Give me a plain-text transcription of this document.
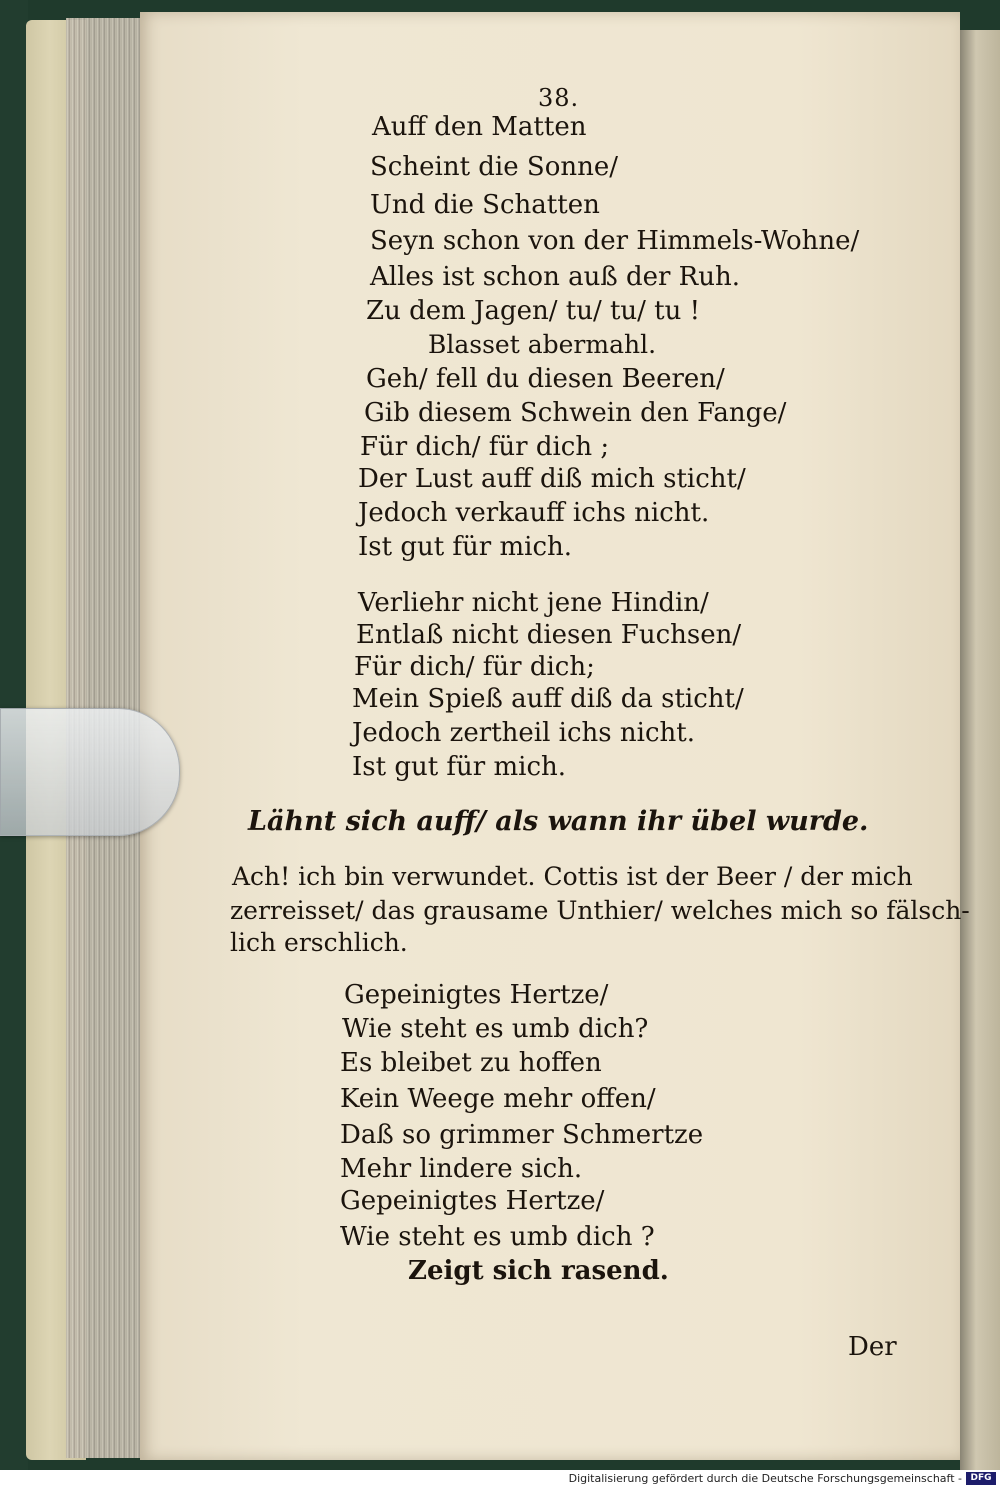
38.
Auff den Matten
Scheint die Sonne/
Und die Schatten
Seyn schon von der Himmels-Wohne/
Alles ist schon auß der Ruh.
Zu dem Jagen/ tu/ tu/ tu !
Blasset abermahl.
Geh/ fell du diesen Beeren/
Gib diesem Schwein den Fange/
Für dich/ für dich ;
Der Lust auff diß mich sticht/
Jedoch verkauff ichs nicht.
Ist gut für mich.
Verliehr nicht jene Hindin/
Entlaß nicht diesen Fuchsen/
Für dich/ für dich;
Mein Spieß auff diß da sticht/
Jedoch zertheil ichs nicht.
Ist gut für mich.
Lähnt sich auff/ als wann ihr übel wurde.
Ach! ich bin verwundet. Cottis ist der Beer / der mich
zerreisset/ das grausame Unthier/ welches mich so fälsch-
lich erschlich.
Gepeinigtes Hertze/
Wie steht es umb dich?
Es bleibet zu hoffen
Kein Weege mehr offen/
Daß so grimmer Schmertze
Mehr lindere sich.
Gepeinigtes Hertze/
Wie steht es umb dich ?
Zeigt sich rasend.
Der
Digitalisierung gefördert durch die Deutsche Forschungsgemeinschaft - DFG
